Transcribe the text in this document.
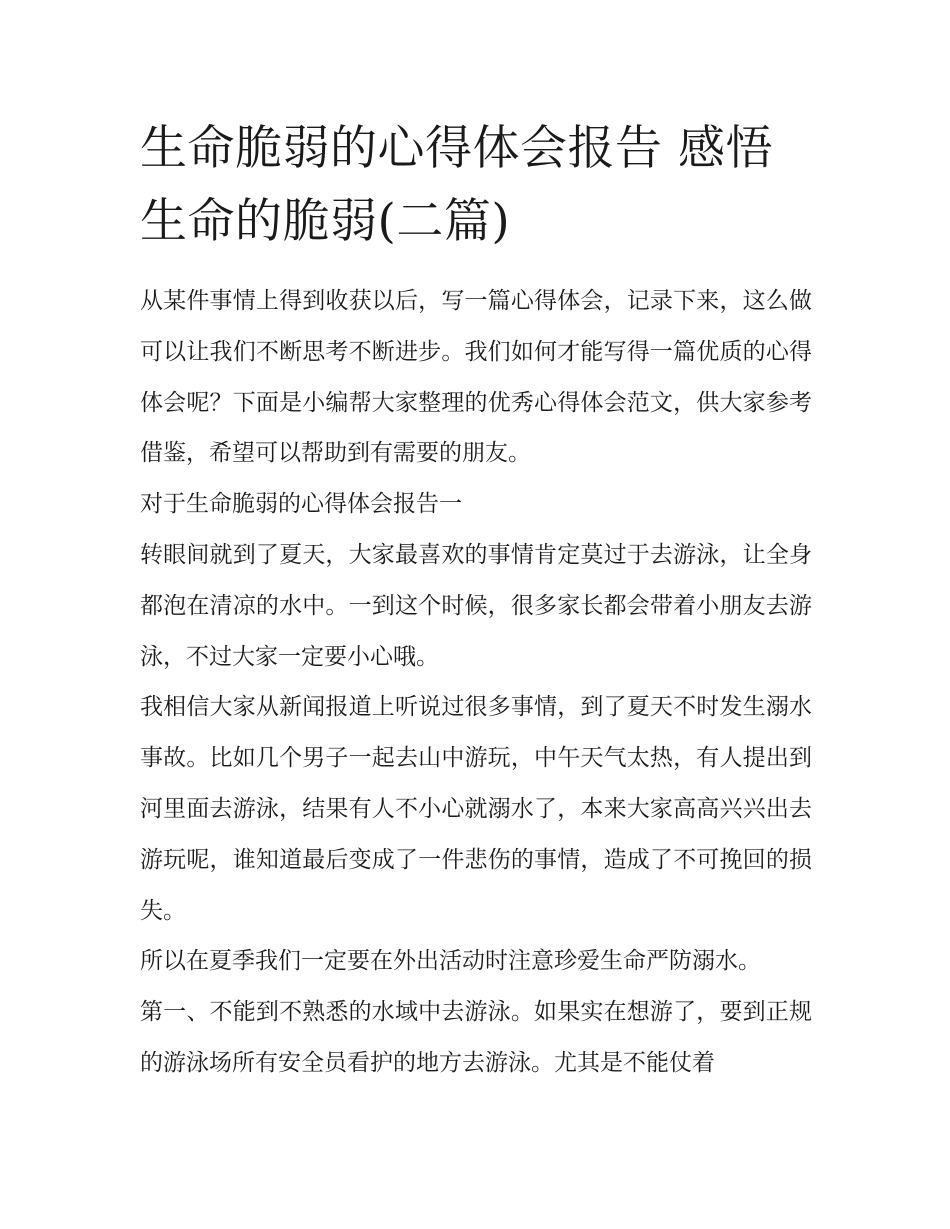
生命脆弱的心得体会报告 感悟生命的脆弱(二篇)

从某件事情上得到收获以后，写一篇心得体会，记录下来，这么做可以让我们不断思考不断进步。我们如何才能写得一篇优质的心得体会呢？下面是小编帮大家整理的优秀心得体会范文，供大家参考借鉴，希望可以帮助到有需要的朋友。

对于生命脆弱的心得体会报告一

转眼间就到了夏天，大家最喜欢的事情肯定莫过于去游泳，让全身都泡在清凉的水中。一到这个时候，很多家长都会带着小朋友去游泳，不过大家一定要小心哦。

我相信大家从新闻报道上听说过很多事情，到了夏天不时发生溺水事故。比如几个男子一起去山中游玩，中午天气太热，有人提出到河里面去游泳，结果有人不小心就溺水了，本来大家高高兴兴出去游玩呢，谁知道最后变成了一件悲伤的事情，造成了不可挽回的损失。

所以在夏季我们一定要在外出活动时注意珍爱生命严防溺水。

第一、不能到不熟悉的水域中去游泳。如果实在想游了，要到正规的游泳场所有安全员看护的地方去游泳。尤其是不能仗着
